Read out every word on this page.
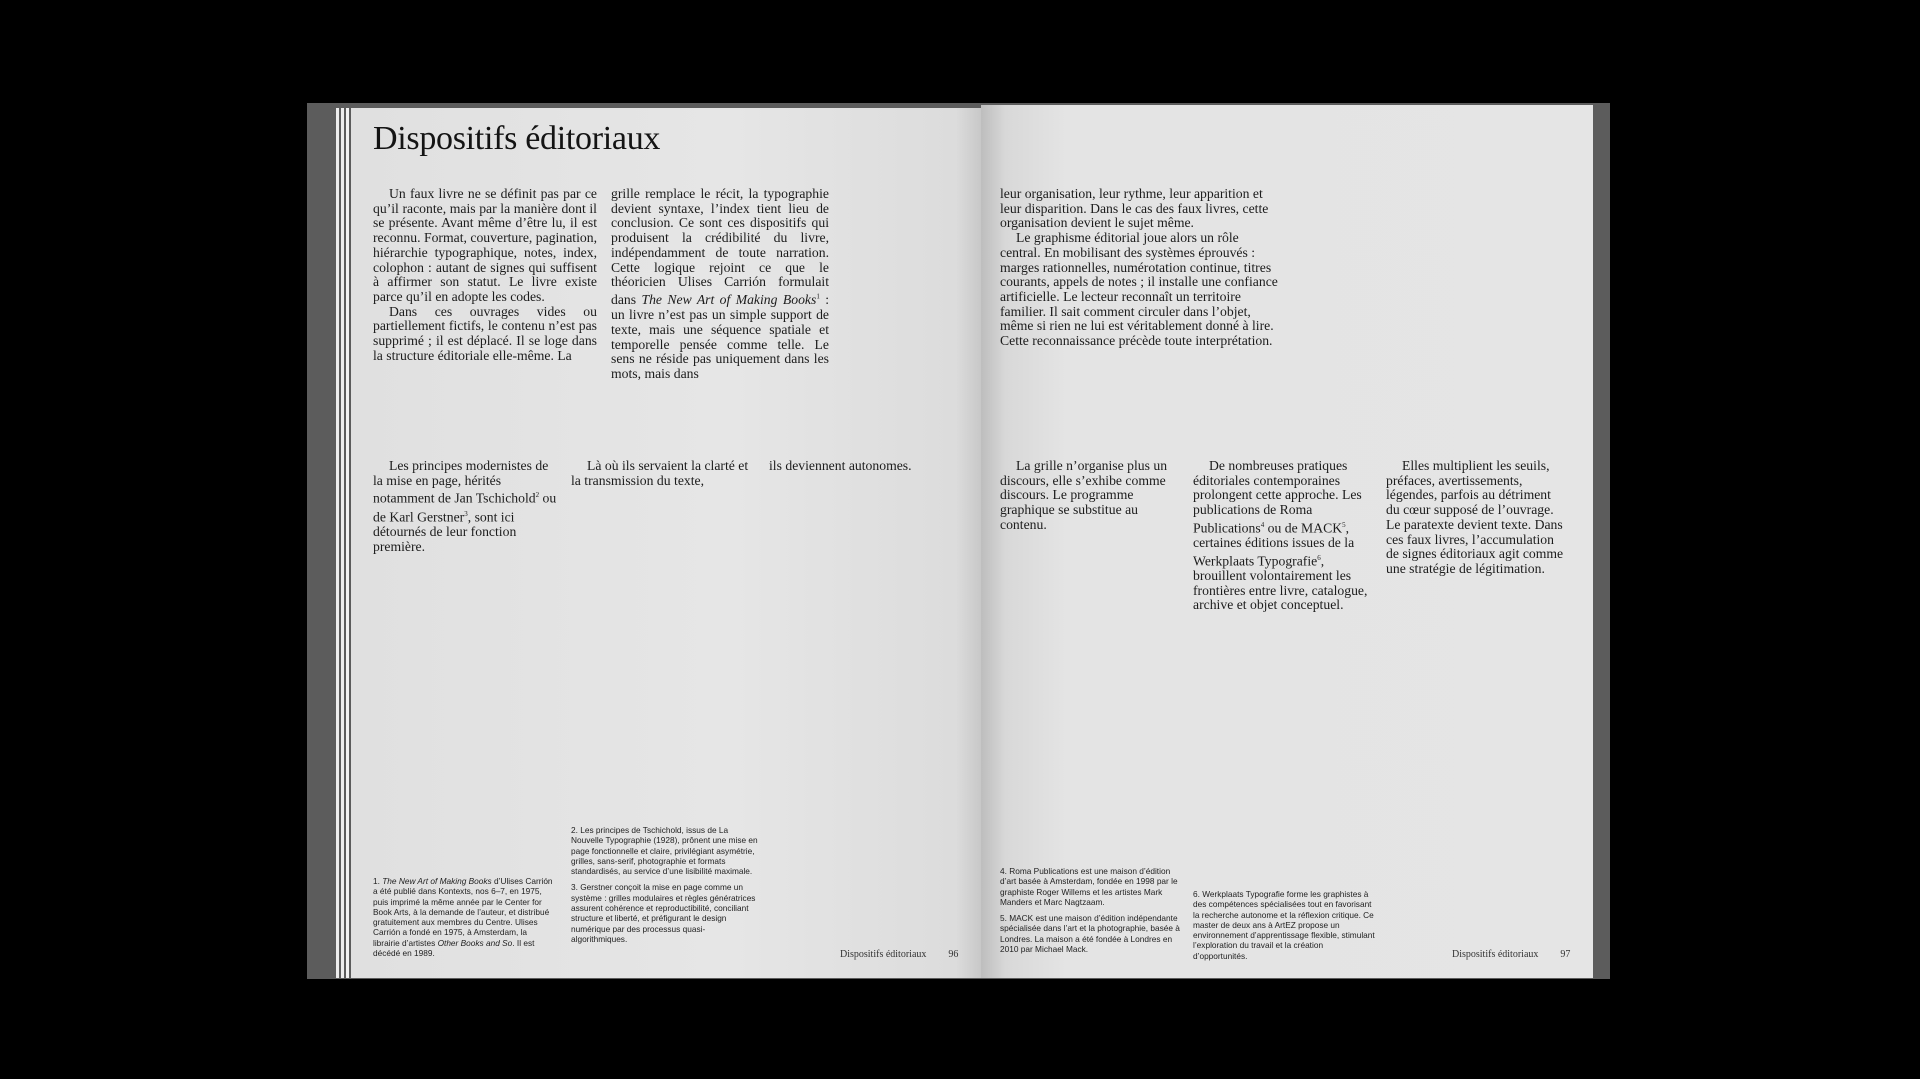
Dispositifs éditoriaux
Un faux livre ne se définit pas par ce qu’il raconte, mais par la manière dont il se présente. Avant même d’être lu, il est reconnu. Format, couverture, pagination, hiérarchie typographique, notes, index, colophon : autant de signes qui suffisent à affirmer son statut. Le livre existe parce qu’il en adopte les codes.
Dans ces ouvrages vides ou partiellement fictifs, le contenu n’est pas supprimé ; il est déplacé. Il se loge dans la structure éditoriale elle-même. La
grille remplace le récit, la typographie devient syntaxe, l’index tient lieu de conclusion. Ce sont ces dispositifs qui produisent la crédibilité du livre, indépendamment de toute narration. Cette logique rejoint ce que le théoricien Ulises Carrión formulait dans The New Art of Making Books$^1$ : un livre n’est pas un simple support de texte, mais une séquence spatiale et temporelle pensée comme telle. Le sens ne réside pas uniquement dans les mots, mais dans
Les principes modernistes de la mise en page, hérités notamment de Jan Tschichold$^2$ ou de Karl Gerstner$^3$, sont ici détournés de leur fonction première.
Là où ils servaient la clarté et la transmission du texte,
ils deviennent autonomes.

1. The New Art of Making Books d’Ulises Carrión a été publié dans Kontexts, nos 6–7, en 1975, puis imprimé la même année par le Center for Book Arts, à la demande de l’auteur, et distribué gratuitement aux membres du Centre. Ulises Carrión a fondé en 1975, à Amsterdam, la librairie d’artistes Other Books and So. Il est décédé en 1989.

2. Les principes de Tschichold, issus de La Nouvelle Typographie (1928), prônent une mise en page fonctionnelle et claire, privilégiant asymétrie, grilles, sans-serif, photographie et formats standardisés, au service d’une lisibilité maximale.

3. Gerstner conçoit la mise en page comme un système : grilles modulaires et règles génératrices assurent cohérence et reproductibilité, conciliant structure et liberté, et préfigurant le design numérique par des processus quasi-algorithmiques.

Dispositifs éditoriaux 96
leur organisation, leur rythme, leur apparition et leur disparition. Dans le cas des faux livres, cette organisation devient le sujet même.
Le graphisme éditorial joue alors un rôle central. En mobilisant des systèmes éprouvés : marges rationnelles, numérotation continue, titres courants, appels de notes ; il installe une confiance artificielle. Le lecteur reconnaît un territoire familier. Il sait comment circuler dans l’objet, même si rien ne lui est véritablement donné à lire. Cette reconnaissance précède toute interprétation.
La grille n’organise plus un discours, elle s’exhibe comme discours. Le programme graphique se substitue au contenu.
De nombreuses pratiques éditoriales contemporaines prolongent cette approche. Les publications de Roma Publications$^4$ ou de MACK$^5$, certaines éditions issues de la Werkplaats Typografie$^6$, brouillent volontairement les frontières entre livre, catalogue, archive et objet conceptuel.
Elles multiplient les seuils, préfaces, avertissements, légendes, parfois au détriment du cœur supposé de l’ouvrage. Le paratexte devient texte. Dans ces faux livres, l’accumulation de signes éditoriaux agit comme une stratégie de légitimation.

4. Roma Publications est une maison d’édition d’art basée à Amsterdam, fondée en 1998 par le graphiste Roger Willems et les artistes Mark Manders et Marc Nagtzaam.

5. MACK est une maison d’édition indépendante spécialisée dans l’art et la photographie, basée à Londres. La maison a été fondée à Londres en 2010 par Michael Mack.

6. Werkplaats Typografie forme les graphistes à des compétences spécialisées tout en favorisant la recherche autonome et la réflexion critique. Ce master de deux ans à ArtEZ propose un environnement d’apprentissage flexible, stimulant l’exploration du travail et la création d’opportunités.	Dispositifs éditoriaux 97
